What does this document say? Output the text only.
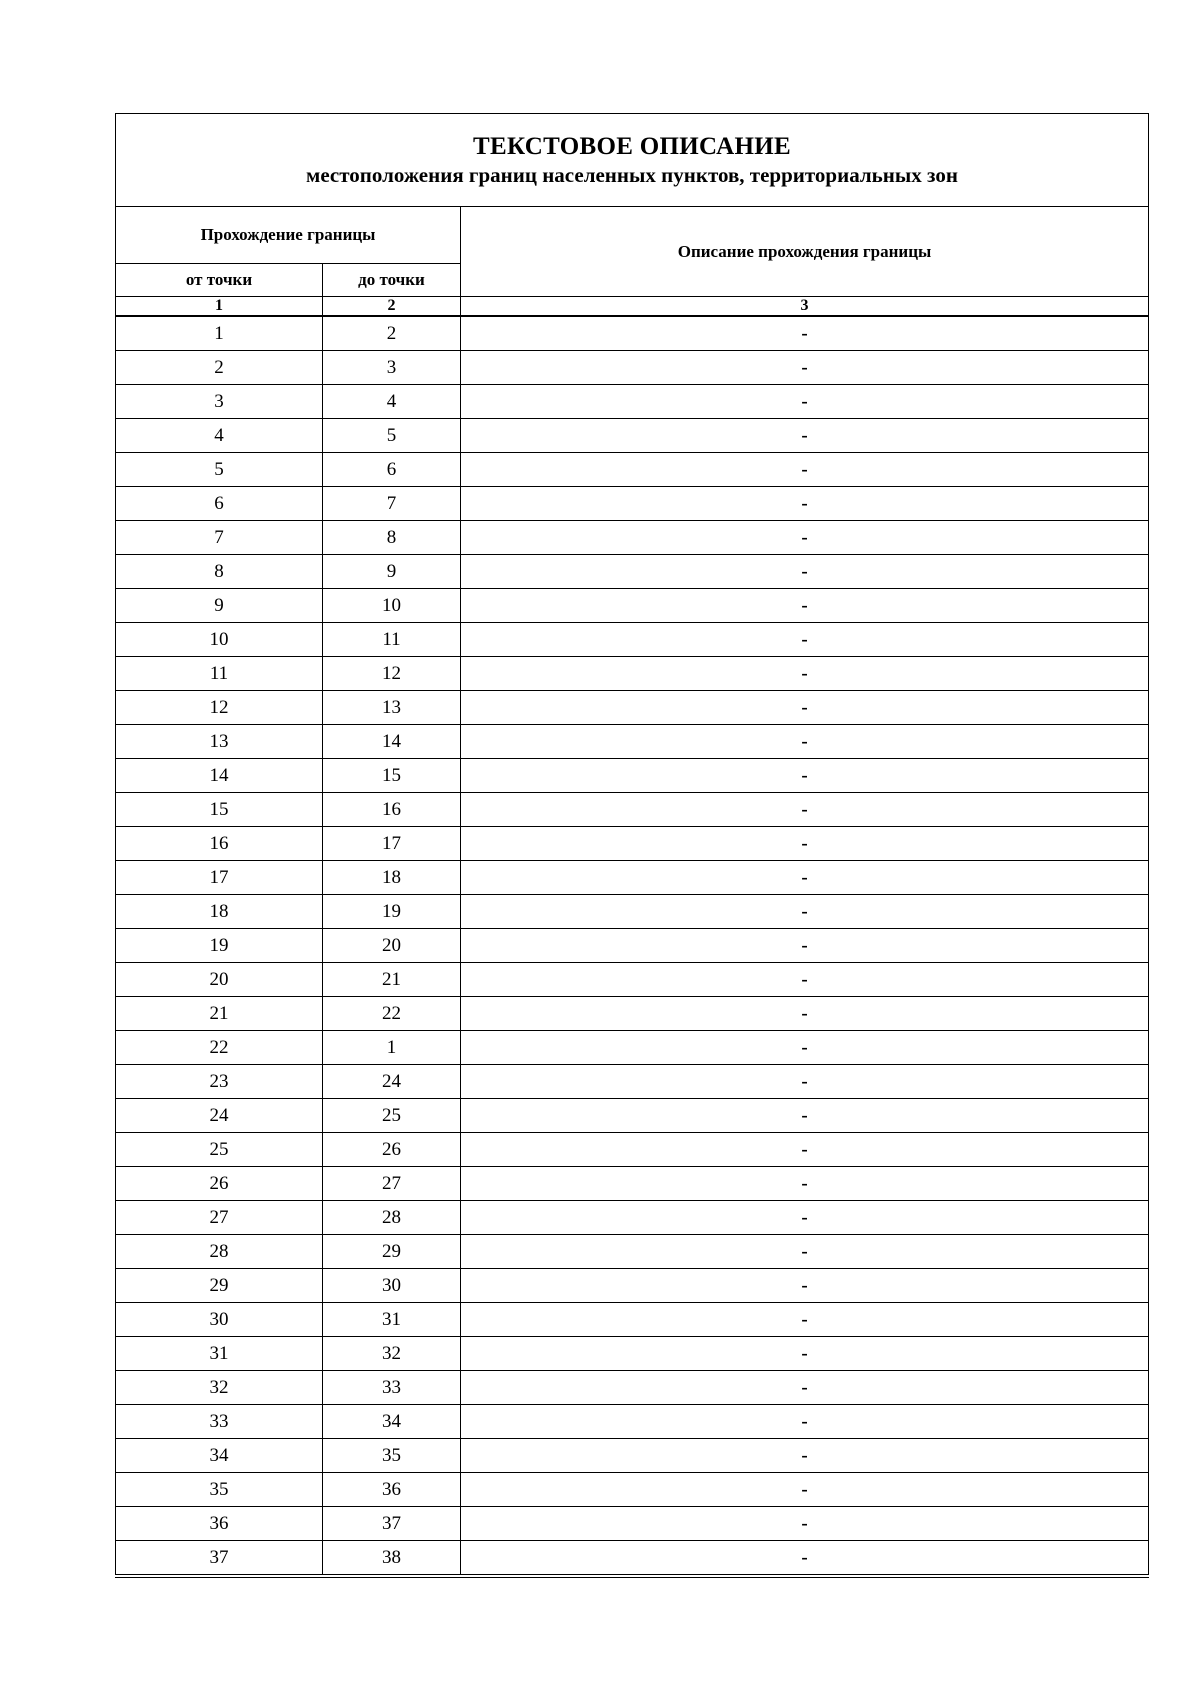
ТЕКСТОВОЕ ОПИСАНИЕ
местоположения границ населенных пунктов, территориальных зон		

Прохождение границы		Описание прохождения границы
от точки	до точки	
1	2	3
1	2	-
2	3	-
3	4	-
4	5	-
5	6	-
6	7	-
7	8	-
8	9	-
9	10	-
10	11	-
11	12	-
12	13	-
13	14	-
14	15	-
15	16	-
16	17	-
17	18	-
18	19	-
19	20	-
20	21	-
21	22	-
22	1	-
23	24	-
24	25	-
25	26	-
26	27	-
27	28	-
28	29	-
29	30	-
30	31	-
31	32	-
32	33	-
33	34	-
34	35	-
35	36	-
36	37	-
37	38	-
